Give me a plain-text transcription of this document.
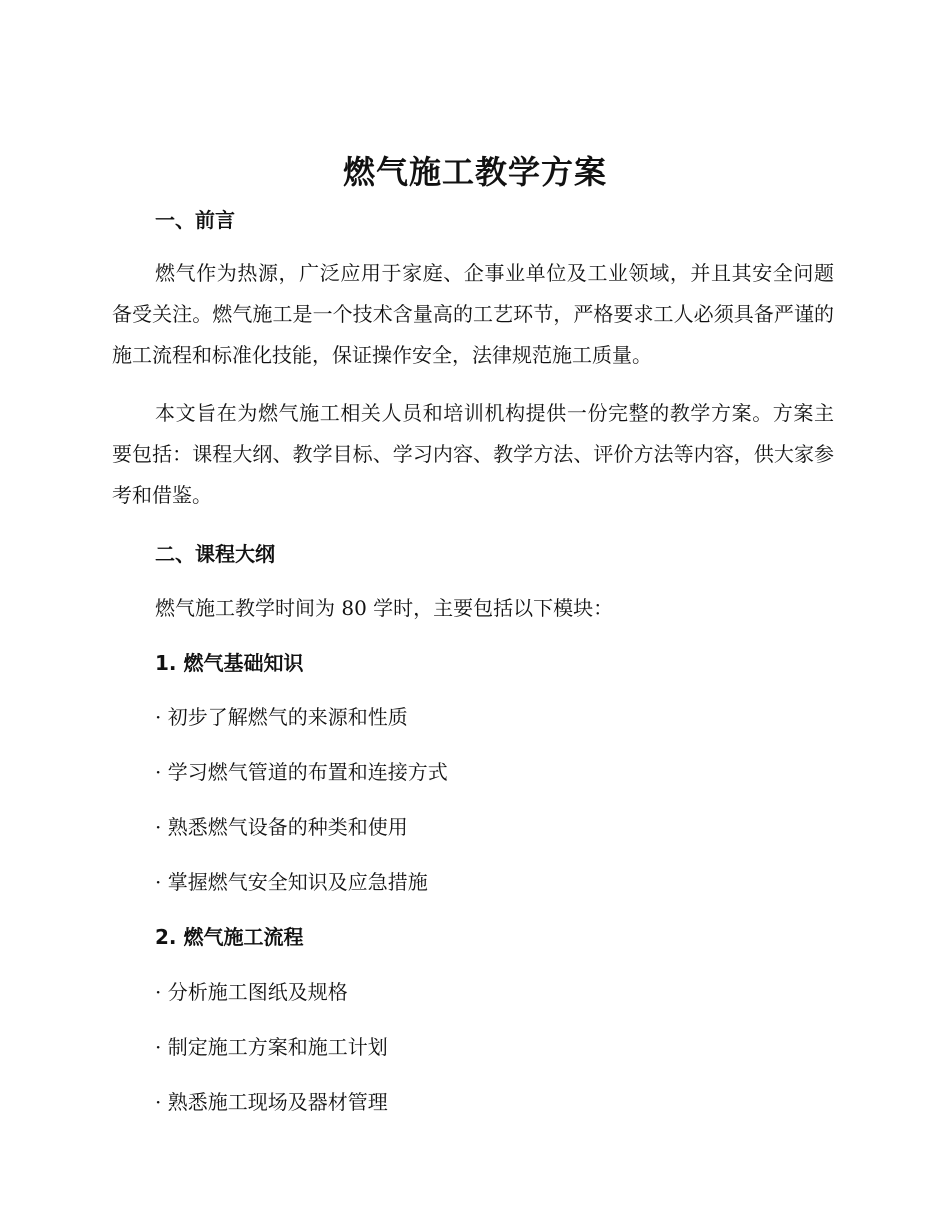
燃气施工教学方案
一、前言
燃气作为热源，广泛应用于家庭、企事业单位及工业领域，并且其安全问题备受关注。燃气施工是一个技术含量高的工艺环节，严格要求工人必须具备严谨的施工流程和标准化技能，保证操作安全，法律规范施工质量。
本文旨在为燃气施工相关人员和培训机构提供一份完整的教学方案。方案主要包括：课程大纲、教学目标、学习内容、教学方法、评价方法等内容，供大家参考和借鉴。
二、课程大纲
燃气施工教学时间为 80 学时，主要包括以下模块：
1. 燃气基础知识
· 初步了解燃气的来源和性质
· 学习燃气管道的布置和连接方式
· 熟悉燃气设备的种类和使用
· 掌握燃气安全知识及应急措施
2. 燃气施工流程
· 分析施工图纸及规格
· 制定施工方案和施工计划
· 熟悉施工现场及器材管理
